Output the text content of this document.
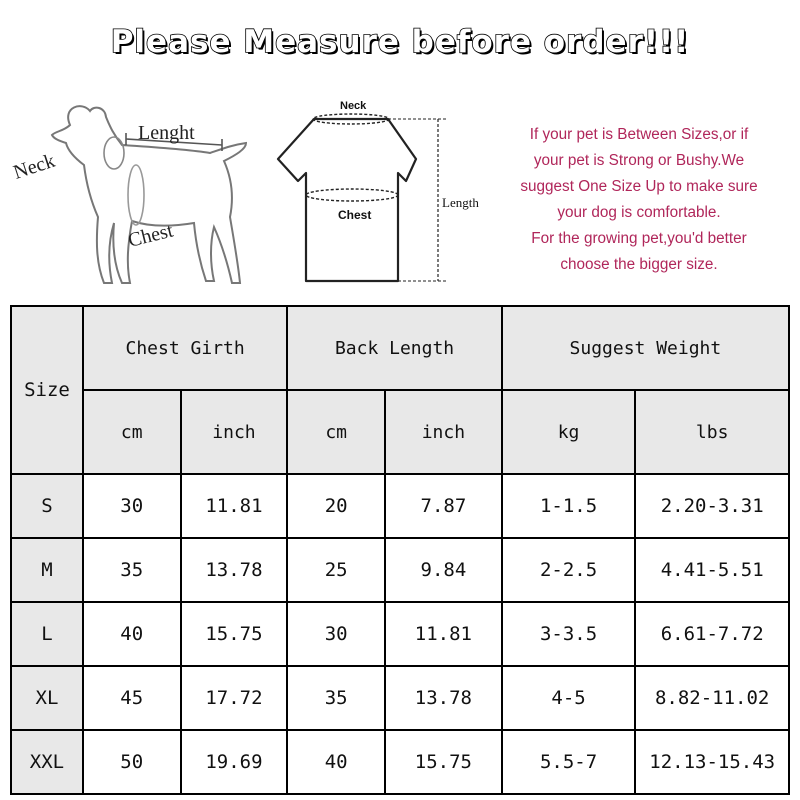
Please Measure before order!!!
Neck
Lenght
Chest
Neck
Chest
Length
If your pet is Between Sizes,or if
your pet is Strong or Bushy.We
suggest One Size Up to make sure
your dog is comfortable.
For the growing pet,you'd better
choose the bigger size.
Size	Chest Girth		Back Length		Suggest Weight	
	cm	inch	cm	inch	kg	lbs
S	30	11.81	20	7.87	1-1.5	2.20-3.31
M	35	13.78	25	9.84	2-2.5	4.41-5.51
L	40	15.75	30	11.81	3-3.5	6.61-7.72
XL	45	17.72	35	13.78	4-5	8.82-11.02
XXL	50	19.69	40	15.75	5.5-7	12.13-15.43
